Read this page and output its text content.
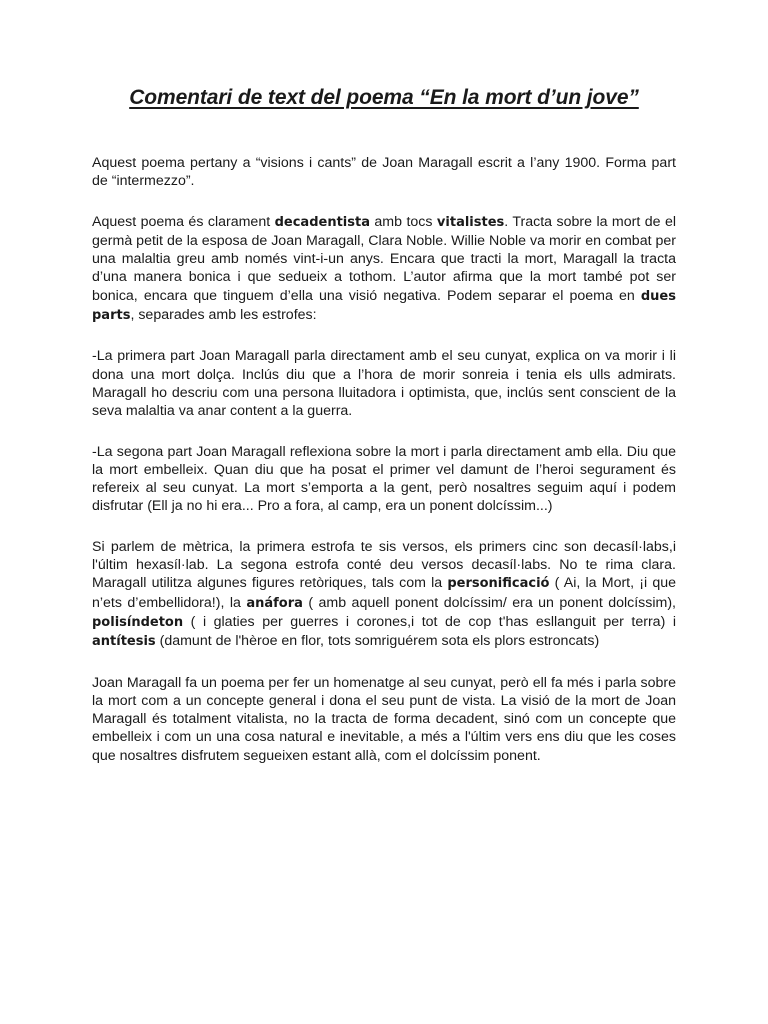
Comentari de text del poema “En la mort d’un jove”

Aquest poema pertany a “visions i cants” de Joan Maragall escrit a l’any 1900. Forma part de “intermezzo”.

Aquest poema és clarament decadentista amb tocs vitalistes. Tracta sobre la mort de el germà petit de la esposa de Joan Maragall, Clara Noble. Willie Noble va morir en combat per una malaltia greu amb només vint-i-un anys. Encara que tracti la mort, Maragall la tracta d’una manera bonica i que sedueix a tothom. L’autor afirma que la mort també pot ser bonica, encara que tinguem d’ella una visió negativa. Podem separar el poema en dues parts, separades amb les estrofes:

-La primera part Joan Maragall parla directament amb el seu cunyat, explica on va morir i li dona una mort dolça. Inclús diu que a l’hora de morir sonreia i tenia els ulls admirats. Maragall ho descriu com una persona lluitadora i optimista, que, inclús sent conscient de la seva malaltia va anar content a la guerra.

-La segona part Joan Maragall reflexiona sobre la mort i parla directament amb ella. Diu que la mort embelleix. Quan diu que ha posat el primer vel damunt de l’heroi segurament és refereix al seu cunyat. La mort s’emporta a la gent, però nosaltres seguim aquí i podem disfrutar (Ell ja no hi era... Pro a fora, al camp, era un ponent dolcíssim...)

Si parlem de mètrica, la primera estrofa te sis versos, els primers cinc son decasíl·labs,i l'últim hexasíl·lab. La segona estrofa conté deu versos decasíl·labs. No te rima clara. Maragall utilitza algunes figures retòriques, tals com la personificació ( Ai, la Mort, ¡i que n’ets d’embellidora!), la anáfora ( amb aquell ponent dolcíssim/ era un ponent dolcíssim), polisíndeton ( i glaties per guerres i corones,i tot de cop t'has esllanguit per terra) i antítesis (damunt de l'hèroe en flor, tots somriguérem sota els plors estroncats)

Joan Maragall fa un poema per fer un homenatge al seu cunyat, però ell fa més i parla sobre la mort com a un concepte general i dona el seu punt de vista. La visió de la mort de Joan Maragall és totalment vitalista, no la tracta de forma decadent, sinó com un concepte que embelleix i com un una cosa natural e inevitable, a més a l'últim vers ens diu que les coses que nosaltres disfrutem segueixen estant allà, com el dolcíssim ponent.
